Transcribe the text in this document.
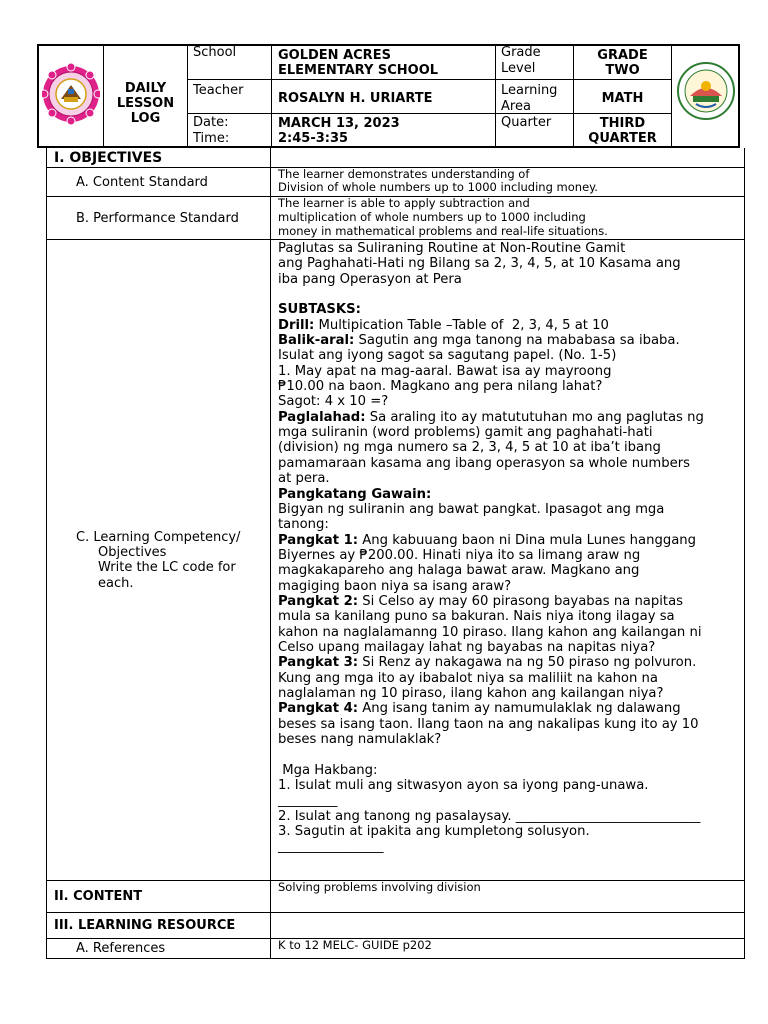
DAILY
LESSON
LOG
School
Teacher
Date:
Time:
GOLDEN ACRES
ELEMENTARY SCHOOL
ROSALYN H. URIARTE
MARCH 13, 2023
2:45-3:35
Grade
Level
Learning
Area
Quarter
GRADE
TWO
MATH
THIRD
QUARTER
I. OBJECTIVES
A. Content Standard
The learner demonstrates understanding of
Division of whole numbers up to 1000 including money.
B. Performance Standard
The learner is able to apply subtraction and
multiplication of whole numbers up to 1000 including
money in mathematical problems and real-life situations.
C. Learning Competency/
Objectives
Write the LC code for
each.
Paglutas sa Suliraning Routine at Non-Routine Gamit
ang Paghahati-Hati ng Bilang sa 2, 3, 4, 5, at 10 Kasama ang
iba pang Operasyon at Pera
SUBTASKS:
Drill: Multipication Table –Table of  2, 3, 4, 5 at 10
Balik-aral: Sagutin ang mga tanong na mababasa sa ibaba.
Isulat ang iyong sagot sa sagutang papel. (No. 1-5)
1. May apat na mag-aaral. Bawat isa ay mayroong
₱10.00 na baon. Magkano ang pera nilang lahat?
Sagot: 4 x 10 =?
Paglalahad: Sa araling ito ay matututuhan mo ang paglutas ng
mga suliranin (word problems) gamit ang paghahati-hati
(division) ng mga numero sa 2, 3, 4, 5 at 10 at iba’t ibang
pamamaraan kasama ang ibang operasyon sa whole numbers
at pera.
Pangkatang Gawain:
Bigyan ng suliranin ang bawat pangkat. Ipasagot ang mga
tanong:
Pangkat 1: Ang kabuuang baon ni Dina mula Lunes hanggang
Biyernes ay ₱200.00. Hinati niya ito sa limang araw ng
magkakapareho ang halaga bawat araw. Magkano ang
magiging baon niya sa isang araw?
Pangkat 2: Si Celso ay may 60 pirasong bayabas na napitas
mula sa kanilang puno sa bakuran. Nais niya itong ilagay sa
kahon na naglalamanng 10 piraso. Ilang kahon ang kailangan ni
Celso upang mailagay lahat ng bayabas na napitas niya?
Pangkat 3: Si Renz ay nakagawa na ng 50 piraso ng polvuron.
Kung ang mga ito ay ibabalot niya sa maliliit na kahon na
naglalaman ng 10 piraso, ilang kahon ang kailangan niya?
Pangkat 4: Ang isang tanim ay namumulaklak ng dalawang
beses sa isang taon. Ilang taon na ang nakalipas kung ito ay 10
beses nang namulaklak?
Mga Hakbang:
1. Isulat muli ang sitwasyon ayon sa iyong pang-unawa.
_________
2. Isulat ang tanong ng pasalaysay. ____________________________
3. Sagutin at ipakita ang kumpletong solusyon.
________________
II. CONTENT
Solving problems involving division
III. LEARNING RESOURCE
A. References	K to 12 MELC- GUIDE p202
